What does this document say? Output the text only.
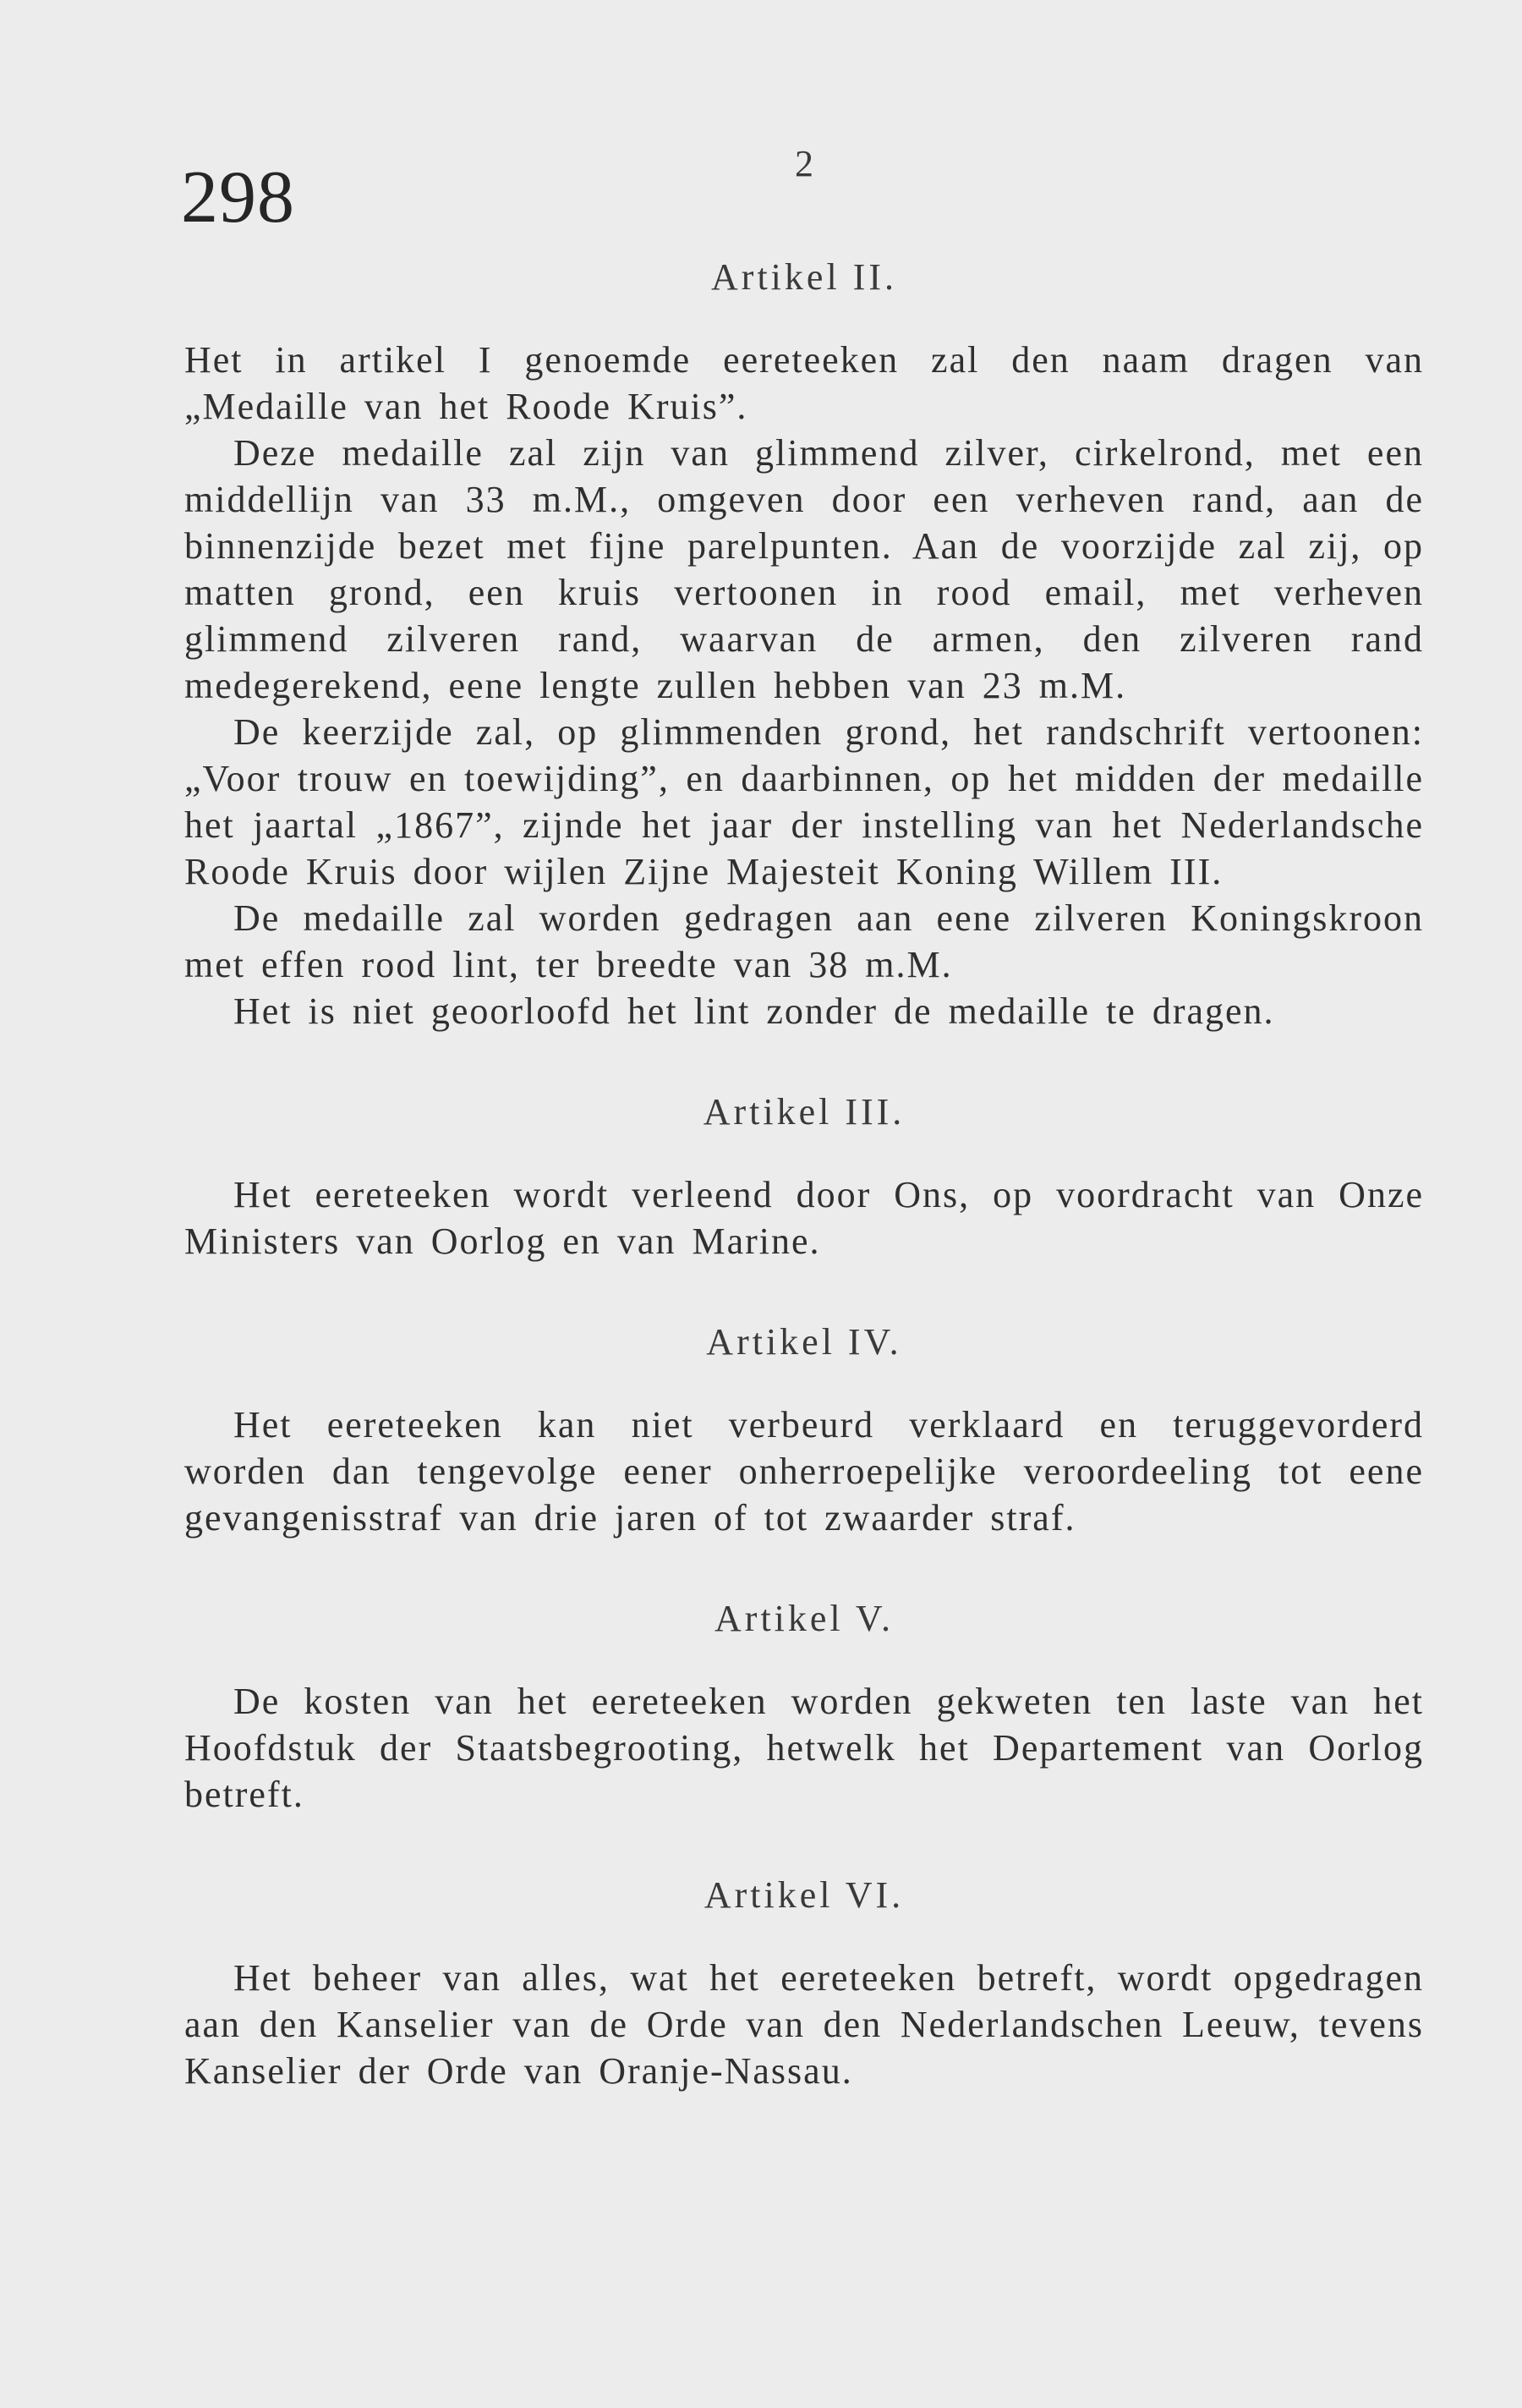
298	2
Artikel II.

Het in artikel I genoemde eereteeken zal den naam dragen van „Medaille van het Roode Kruis”.

Deze medaille zal zijn van glimmend zilver, cirkelrond, met een middellijn van 33 m.M., omgeven door een verheven rand, aan de binnenzijde bezet met fijne parelpunten. Aan de voorzijde zal zij, op matten grond, een kruis vertoonen in rood email, met verheven glimmend zilveren rand, waarvan de armen, den zilveren rand medegerekend, eene lengte zullen hebben van 23 m.M.

De keerzijde zal, op glimmenden grond, het randschrift vertoonen: „Voor trouw en toewijding”, en daarbinnen, op het midden der medaille het jaartal „1867”, zijnde het jaar der instelling van het Nederlandsche Roode Kruis door wijlen Zijne Majesteit Koning Willem III.

De medaille zal worden gedragen aan eene zilveren Koningskroon met effen rood lint, ter breedte van 38 m.M.

Het is niet geoorloofd het lint zonder de medaille te dragen.

Artikel III.

Het eereteeken wordt verleend door Ons, op voordracht van Onze Ministers van Oorlog en van Marine.

Artikel IV.

Het eereteeken kan niet verbeurd verklaard en teruggevorderd worden dan tengevolge eener onherroepelijke veroordeeling tot eene gevangenisstraf van drie jaren of tot zwaarder straf.

Artikel V.

De kosten van het eereteeken worden gekweten ten laste van het Hoofdstuk der Staatsbegrooting, hetwelk het Departement van Oorlog betreft.

Artikel VI.

Het beheer van alles, wat het eereteeken betreft, wordt opgedragen aan den Kanselier van de Orde van den Nederlandschen Leeuw, tevens Kanselier der Orde van Oranje-Nassau.
